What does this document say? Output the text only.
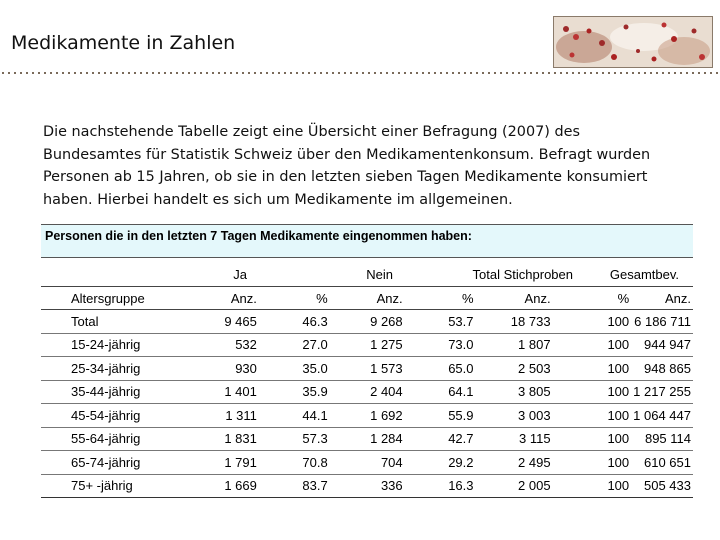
Medikamente in Zahlen
Die nachstehende Tabelle zeigt eine Übersicht einer Befragung (2007) des Bundesamtes für Statistik Schweiz über den Medikamentenkonsum. Befragt wurden Personen ab 15 Jahren, ob sie in den letzten sieben Tagen Medikamente konsumiert haben. Hierbei handelt es sich um Medikamente im allgemeinen.
Personen die in den letzten 7 Tagen Medikamente eingenommen haben:
	Ja		Nein		Total Stichproben	Gesamtbev.
Altersgruppe	Anz.	%	Anz.	%	Anz.	%	Anz.
Total	9 465	46.3	9 268	53.7	18 733	100	6 186 711
15-24-jährig	532	27.0	1 275	73.0	1 807	100	944 947
25-34-jährig	930	35.0	1 573	65.0	2 503	100	948 865
35-44-jährig	1 401	35.9	2 404	64.1	3 805	100	1 217 255
45-54-jährig	1 311	44.1	1 692	55.9	3 003	100	1 064 447
55-64-jährig	1 831	57.3	1 284	42.7	3 115	100	895 114
65-74-jährig	1 791	70.8	704	29.2	2 495	100	610 651
75+ -jährig	1 669	83.7	336	16.3	2 005	100	505 433
